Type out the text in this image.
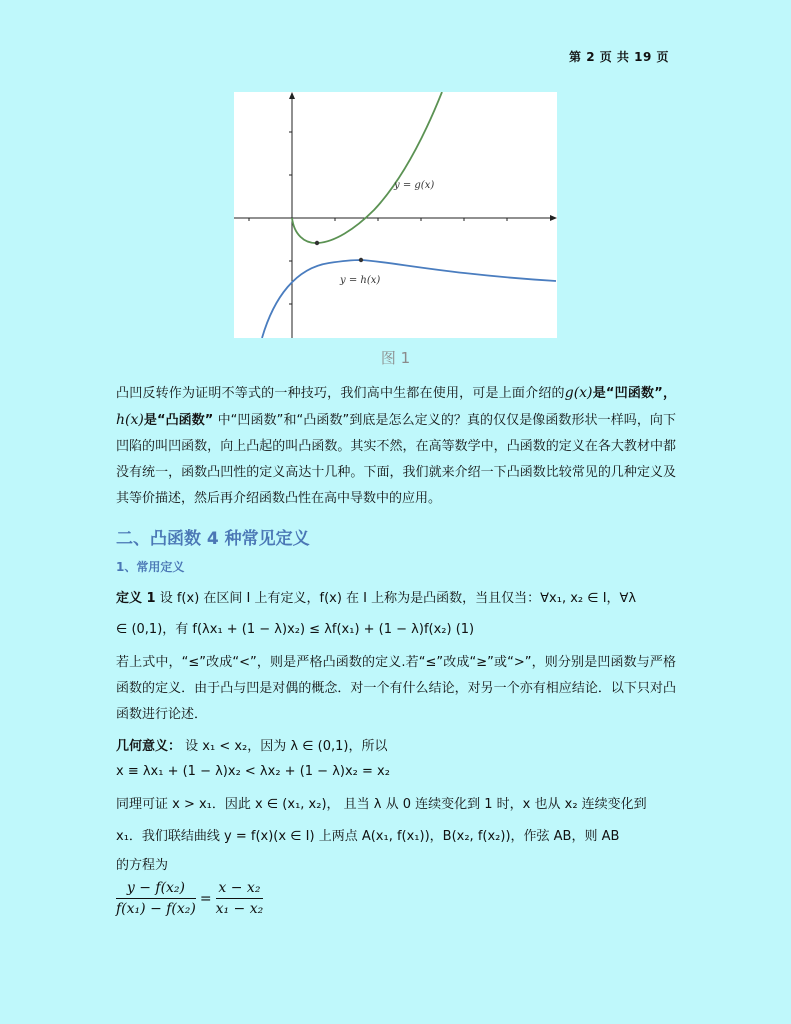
第 2 页 共 19 页
y = g(x)
y = h(x)
图 1
凸凹反转作为证明不等式的一种技巧，我们高中生都在使用，可是上面介绍的g(x)是“凹函数”，h(x)是“凸函数” 中“凹函数”和“凸函数”到底是怎么定义的？真的仅仅是像函数形状一样吗，向下凹陷的叫凹函数，向上凸起的叫凸函数。其实不然，在高等数学中，凸函数的定义在各大教材中都没有统一，函数凸凹性的定义高达十几种。下面，我们就来介绍一下凸函数比较常见的几种定义及其等价描述，然后再介绍函数凸性在高中导数中的应用。
二、凸函数 4 种常见定义
1、常用定义
定义 1 设 f(x) 在区间 I 上有定义，f(x) 在 I 上称为是凸函数，当且仅当：∀x₁, x₂ ∈ I，∀λ
∈ (0,1)，有 f(λx₁ + (1 − λ)x₂) ≤ λf(x₁) + (1 − λ)f(x₂) (1)
若上式中，“≤”改成“<”，则是严格凸函数的定义.若“≤”改成“≥”或“>”，则分别是凹函数与严格函数的定义．由于凸与凹是对偶的概念．对一个有什么结论，对另一个亦有相应结论．以下只对凸函数进行论述．
几何意义： 设 x₁ < x₂，因为 λ ∈ (0,1)，所以
x ≡ λx₁ + (1 − λ)x₂ < λx₂ + (1 − λ)x₂ = x₂
同理可证 x > x₁．因此 x ∈ (x₁, x₂)， 且当 λ 从 0 连续变化到 1 时，x 也从 x₂ 连续变化到
x₁．我们联结曲线 y = f(x)(x ∈ I) 上两点 A(x₁, f(x₁))，B(x₂, f(x₂))，作弦 AB，则 AB
的方程为
y − f(x₂)
f(x₁) − f(x₂)
	=	
x − x₂
x₁ − x₂
